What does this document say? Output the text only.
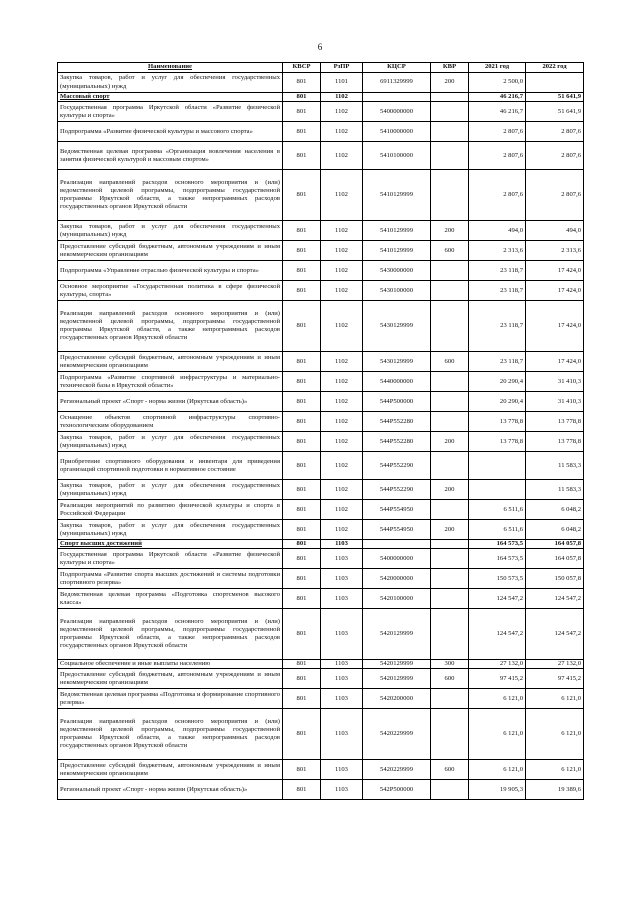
6
Наименование	КВСР	РзПР	КЦСР	КВР	2021 год	2022 год
Закупка товаров, работ и услуг для обеспечения государственных (муниципальных) нужд	801	1101	6911329999	200	2 500,0	
Массовый спорт	801	1102			46 216,7	51 641,9
Государственная программа Иркутской области «Развитие физической культуры и спорта»	801	1102	5400000000		46 216,7	51 641,9
Подпрограмма «Развитие физической культуры и массового спорта»	801	1102	5410000000		2 807,6	2 807,6
Ведомственная целевая программа «Организация вовлечения населения в занятия физической культурой и массовым спортом»	801	1102	5410100000		2 807,6	2 807,6
Реализация направлений расходов основного мероприятия и (или) ведомственной целевой программы, подпрограммы государственной программы Иркутской области, а также непрограммных расходов государственных органов Иркутской области	801	1102	5410129999		2 807,6	2 807,6
Закупка товаров, работ и услуг для обеспечения государственных (муниципальных) нужд	801	1102	5410129999	200	494,0	494,0
Предоставление субсидий бюджетным, автономным учреждениям и иным некоммерческим организациям	801	1102	5410129999	600	2 313,6	2 313,6
Подпрограмма «Управление отраслью физической культуры и спорта»	801	1102	5430000000		23 118,7	17 424,0
Основное мероприятие «Государственная политика в сфере физической культуры, спорта»	801	1102	5430100000		23 118,7	17 424,0
Реализация направлений расходов основного мероприятия и (или) ведомственной целевой программы, подпрограммы государственной программы Иркутской области, а также непрограммных расходов государственных органов Иркутской области	801	1102	5430129999		23 118,7	17 424,0
Предоставление субсидий бюджетным, автономным учреждениям и иным некоммерческим организациям	801	1102	5430129999	600	23 118,7	17 424,0
Подпрограмма «Развитие спортивной инфраструктуры и материально- технической базы в Иркутской области»	801	1102	5440000000		20 290,4	31 410,3
Региональный проект «Спорт - норма жизни (Иркутская область)»	801	1102	544P500000		20 290,4	31 410,3
Оснащение объектов спортивной инфраструктуры спортивно-технологическим оборудованием	801	1102	544P552280		13 778,8	13 778,8
Закупка товаров, работ и услуг для обеспечения государственных (муниципальных) нужд	801	1102	544P552280	200	13 778,8	13 778,8
Приобретение спортивного оборудования и инвентаря для приведения организаций спортивной подготовки в нормативное состояние	801	1102	544P552290			11 583,3
Закупка товаров, работ и услуг для обеспечения государственных (муниципальных) нужд	801	1102	544P552290	200		11 583,3
Реализация мероприятий по развитию физической культуры и спорта в Российской Федерации	801	1102	544P554950		6 511,6	6 048,2
Закупка товаров, работ и услуг для обеспечения государственных (муниципальных) нужд	801	1102	544P554950	200	6 511,6	6 048,2
Спорт высших достижений	801	1103			164 573,5	164 057,8
Государственная программа Иркутской области «Развитие физической культуры и спорта»	801	1103	5400000000		164 573,5	164 057,8
Подпрограмма «Развитие спорта высших достижений и системы подготовки спортивного резерва»	801	1103	5420000000		150 573,5	150 057,8
Ведомственная целевая программа «Подготовка спортсменов высокого класса»	801	1103	5420100000		124 547,2	124 547,2
Реализация направлений расходов основного мероприятия и (или) ведомственной целевой программы, подпрограммы государственной программы Иркутской области, а также непрограммных расходов государственных органов Иркутской области	801	1103	5420129999		124 547,2	124 547,2
Социальное обеспечение и иные выплаты населению	801	1103	5420129999	300	27 132,0	27 132,0
Предоставление субсидий бюджетным, автономным учреждениям и иным некоммерческим организациям	801	1103	5420129999	600	97 415,2	97 415,2
Ведомственная целевая программа «Подготовка и формирование спортивного резерва»	801	1103	5420200000		6 121,0	6 121,0
Реализация направлений расходов основного мероприятия и (или) ведомственной целевой программы, подпрограммы государственной программы Иркутской области, а также непрограммных расходов государственных органов Иркутской области	801	1103	5420229999		6 121,0	6 121,0
Предоставление субсидий бюджетным, автономным учреждениям и иным некоммерческим организациям	801	1103	5420229999	600	6 121,0	6 121,0
Региональный проект «Спорт - норма жизни (Иркутская область)»	801	1103	542P500000		19 905,3	19 389,6
